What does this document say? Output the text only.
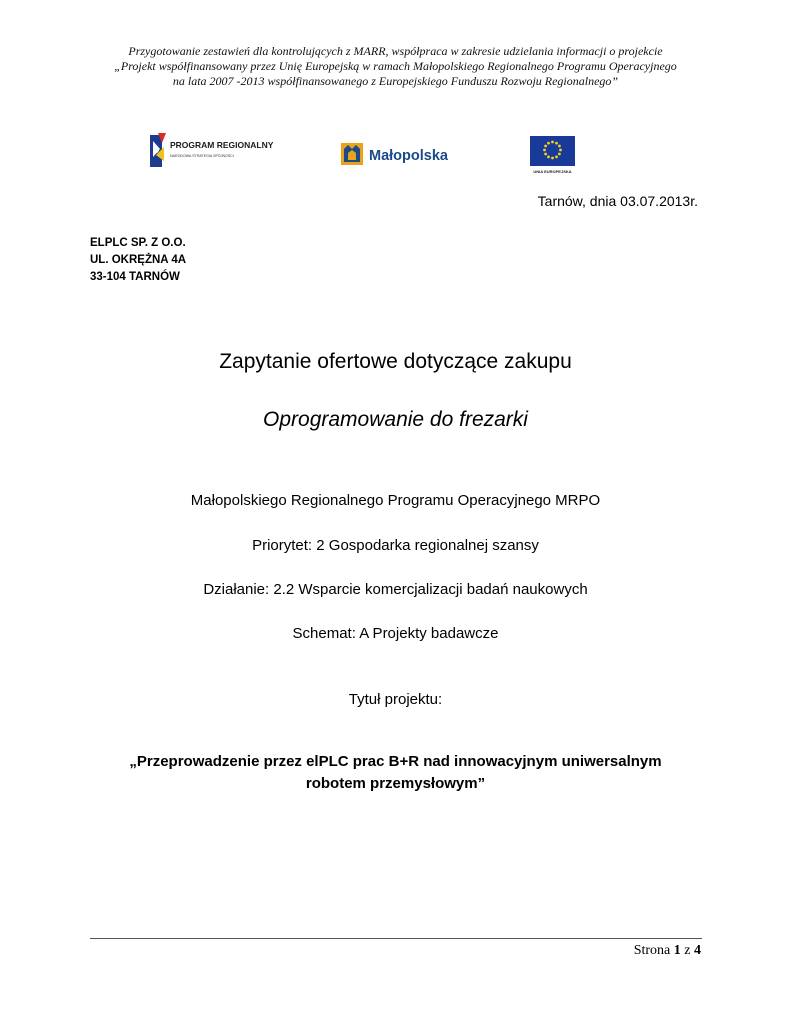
Przygotowanie zestawień dla kontrolujących z MARR, współpraca w zakresie udzielania informacji o projekcie
„Projekt współfinansowany przez Unię Europejską w ramach Małopolskiego Regionalnego Programu Operacyjnego
na lata 2007 -2013 współfinansowanego z Europejskiego Funduszu Rozwoju Regionalnego”
PROGRAM REGIONALNY
NARODOWA STRATEGIA SPÓJNOŚCI	Małopolska
UNIA EUROPEJSKA
Tarnów, dnia 03.07.2013r.
ELPLC SP. Z O.O.
UL. OKRĘŻNA 4A
33-104 TARNÓW
Zapytanie ofertowe dotyczące zakupu
Oprogramowanie do frezarki
Małopolskiego Regionalnego Programu Operacyjnego MRPO
Priorytet: 2 Gospodarka regionalnej szansy
Działanie: 2.2 Wsparcie komercjalizacji badań naukowych
Schemat: A Projekty badawcze
Tytuł projektu:
„Przeprowadzenie przez elPLC prac B+R nad innowacyjnym uniwersalnym
robotem przemysłowym”
Strona 1 z 4
